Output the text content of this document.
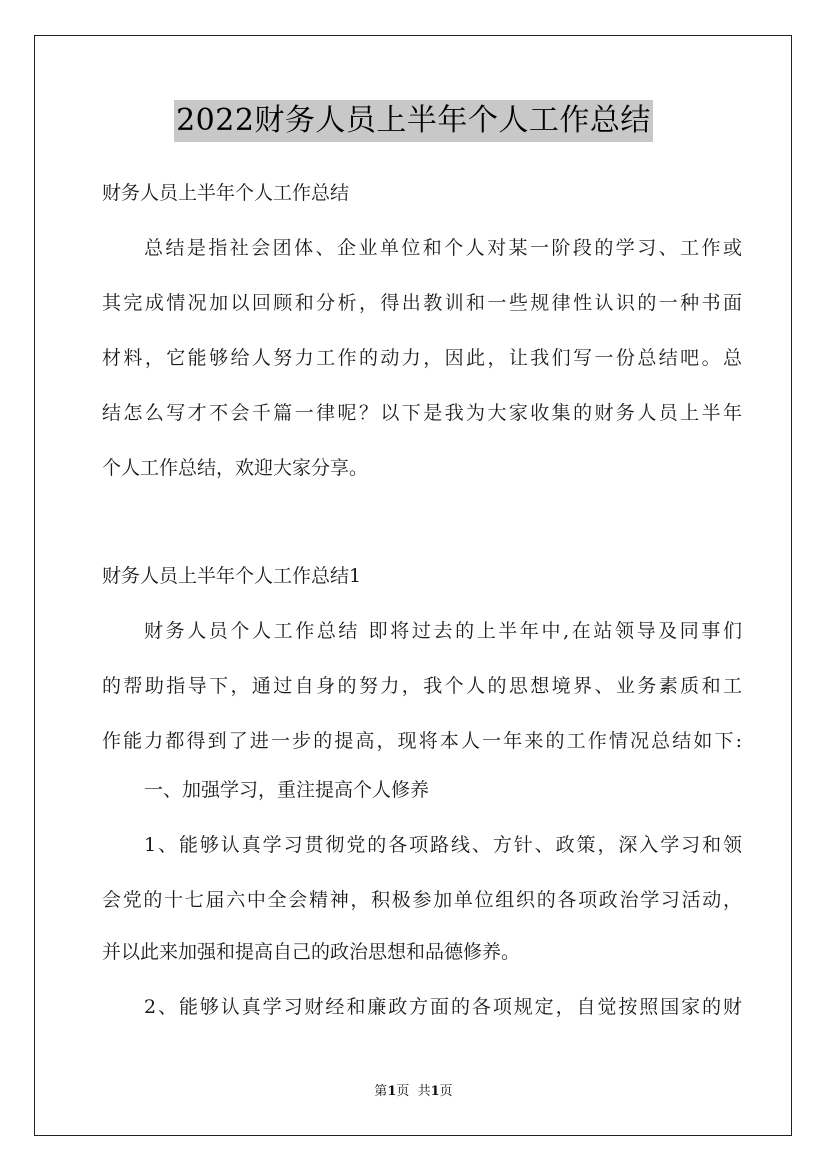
2022财务人员上半年个人工作总结
财务人员上半年个人工作总结
总结是指社会团体、企业单位和个人对某一阶段的学习、工作或
其完成情况加以回顾和分析，得出教训和一些规律性认识的一种书面
材料，它能够给人努力工作的动力，因此，让我们写一份总结吧。总
结怎么写才不会千篇一律呢？以下是我为大家收集的财务人员上半年
个人工作总结，欢迎大家分享。
财务人员上半年个人工作总结1
财务人员个人工作总结 即将过去的上半年中,在站领导及同事们
的帮助指导下，通过自身的努力，我个人的思想境界、业务素质和工
作能力都得到了进一步的提高，现将本人一年来的工作情况总结如下:
一、加强学习，重注提高个人修养
1、能够认真学习贯彻党的各项路线、方针、政策，深入学习和领
会党的十七届六中全会精神，积极参加单位组织的各项政治学习活动，
并以此来加强和提高自己的政治思想和品德修养。
2、能够认真学习财经和廉政方面的各项规定，自觉按照国家的财
第1页  共1页
